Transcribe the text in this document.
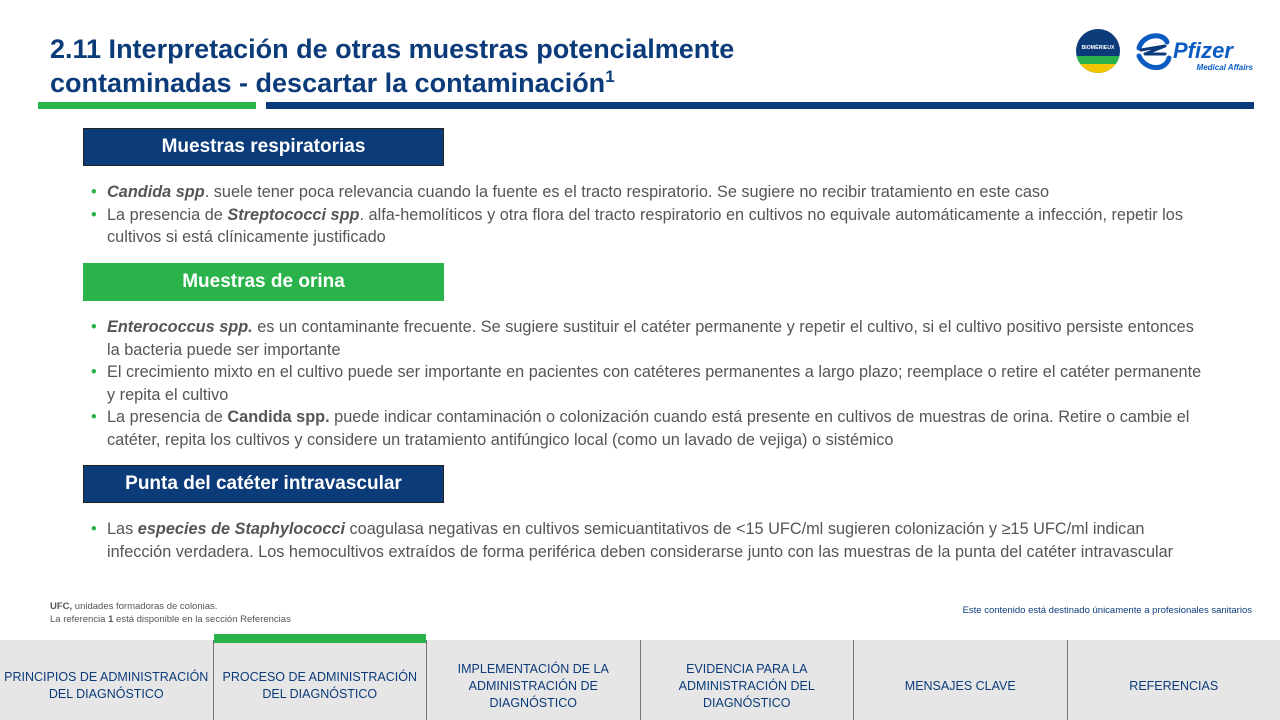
2.11 Interpretación de otras muestras potencialmente
contaminadas - descartar la contaminación$^1$
BIOMÉRIEUX	Pfizer
Medical Affairs
Muestras respiratorias
• Candida spp. suele tener poca relevancia cuando la fuente es el tracto respiratorio. Se sugiere no recibir tratamiento en este caso
• La presencia de Streptococci spp. alfa-hemolíticos y otra flora del tracto respiratorio en cultivos no equivale automáticamente a infección, repetir los cultivos si está clínicamente justificado
Muestras de orina
• Enterococcus spp. es un contaminante frecuente. Se sugiere sustituir el catéter permanente y repetir el cultivo, si el cultivo positivo persiste entonces la bacteria puede ser importante
• El crecimiento mixto en el cultivo puede ser importante en pacientes con catéteres permanentes a largo plazo; reemplace o retire el catéter permanente y repita el cultivo
• La presencia de Candida spp. puede indicar contaminación o colonización cuando está presente en cultivos de muestras de orina. Retire o cambie el catéter, repita los cultivos y considere un tratamiento antifúngico local (como un lavado de vejiga) o sistémico
Punta del catéter intravascular
• Las especies de Staphylococci coagulasa negativas en cultivos semicuantitativos de <15 UFC/ml sugieren colonización y ≥15 UFC/ml indican infección verdadera. Los hemocultivos extraídos de forma periférica deben considerarse junto con las muestras de la punta del catéter intravascular
UFC, unidades formadoras de colonias.
La referencia 1 está disponible en la sección Referencias
Este contenido está destinado únicamente a profesionales sanitarios
PRINCIPIOS DE ADMINISTRACIÓN DEL DIAGNÓSTICO
PROCESO DE ADMINISTRACIÓN DEL DIAGNÓSTICO
IMPLEMENTACIÓN DE LA ADMINISTRACIÓN DE DIAGNÓSTICO
EVIDENCIA PARA LA ADMINISTRACIÓN DEL DIAGNÓSTICO
MENSAJES CLAVE	REFERENCIAS
